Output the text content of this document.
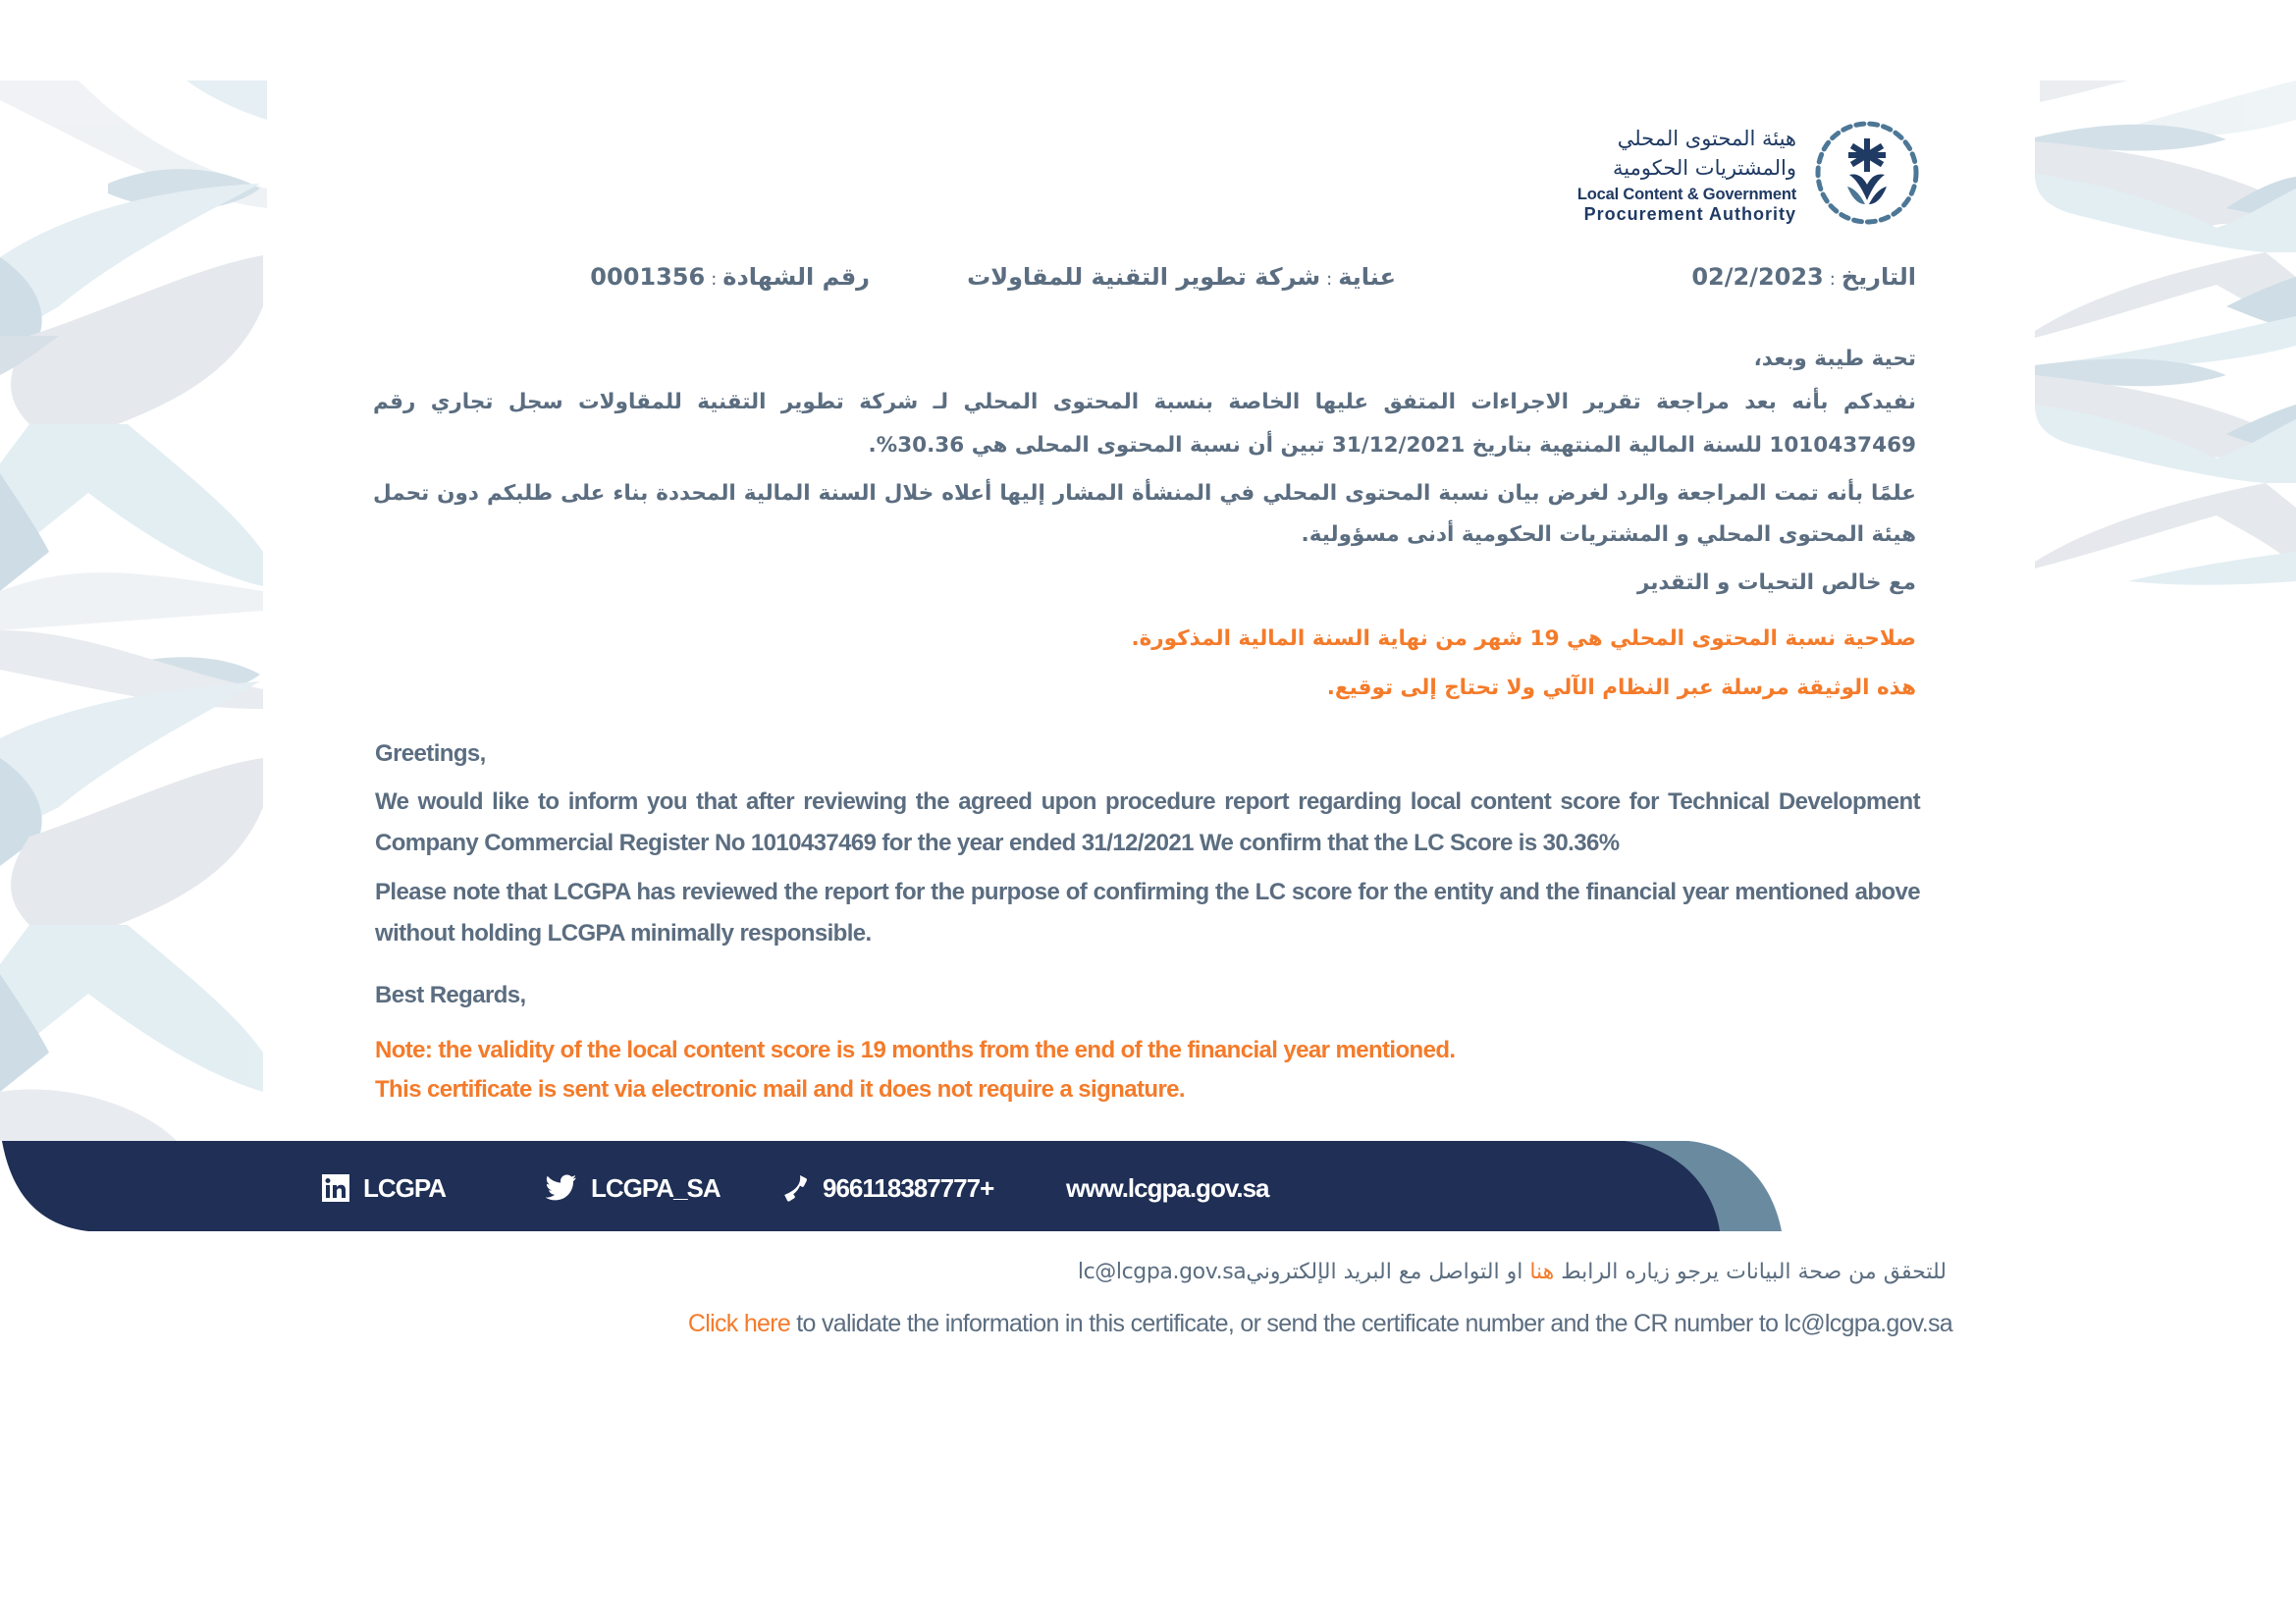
هيئة المحتوى المحلي
والمشتريات الحكومية
Local Content & Government
Procurement Authority
التاريخ:02/2/2023
عناية:شركة تطوير التقنية للمقاولات
رقم الشهادة:0001356

تحية طيبة وبعد،

نفيدكم بأنه بعد مراجعة تقرير الاجراءات المتفق عليها الخاصة بنسبة المحتوى المحلي لـ شركة تطوير التقنية للمقاولات سجل تجاري رقم 1010437469 للسنة المالية المنتهية بتاريخ 31/12/2021 تبين أن نسبة المحتوى المحلى هي 30.36%.

علمًا بأنه تمت المراجعة والرد لغرض بيان نسبة المحتوى المحلي في المنشأة المشار إليها أعلاه خلال السنة المالية المحددة بناء على طلبكم دون تحمل هيئة المحتوى المحلي و المشتريات الحكومية أدنى مسؤولية.

مع خالص التحيات و التقدير

صلاحية نسبة المحتوى المحلي هي 19 شهر من نهاية السنة المالية المذكورة.

هذه الوثيقة مرسلة عبر النظام الآلي ولا تحتاج إلى توقيع.

Greetings,

We would like to inform you that after reviewing the agreed upon procedure report regarding local content score for Technical Development Company Commercial Register No 1010437469 for the year ended 31/12/2021 We confirm that the LC Score is 30.36%

Please note that LCGPA has reviewed the report for the purpose of confirming the LC score for the entity and the financial year mentioned above without holding LCGPA minimally responsible.

Best Regards,

Note: the validity of the local content score is 19 months from the end of the financial year mentioned.

This certificate is sent via electronic mail and it does not require a signature.

LCGPA	LCGPA_SA	966118387777+	www.lcgpa.gov.sa
للتحقق من صحة البيانات يرجو زياره الرابط هنا او التواصل مع البريد الإلكترونيlc@lcgpa.gov.sa
Click here to validate the information in this certificate, or send the certificate number and the CR number to lc@lcgpa.gov.sa
